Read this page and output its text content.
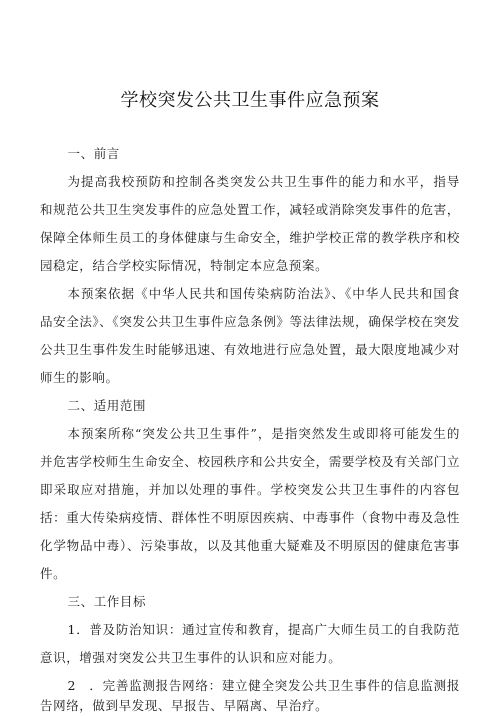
学校突发公共卫生事件应急预案
一、前言
为提高我校预防和控制各类突发公共卫生事件的能力和水平，指导和规范公共卫生突发事件的应急处置工作，减轻或消除突发事件的危害，保障全体师生员工的身体健康与生命安全，维护学校正常的教学秩序和校园稳定，结合学校实际情况，特制定本应急预案。
本预案依据《中华人民共和国传染病防治法》、《中华人民共和国食品安全法》、《突发公共卫生事件应急条例》等法律法规，确保学校在突发公共卫生事件发生时能够迅速、有效地进行应急处置，最大限度地减少对师生的影响。
二、适用范围
本预案所称“突发公共卫生事件”，是指突然发生或即将可能发生的并危害学校师生生命安全、校园秩序和公共安全，需要学校及有关部门立即采取应对措施，并加以处理的事件。学校突发公共卫生事件的内容包括：重大传染病疫情、群体性不明原因疾病、中毒事件（食物中毒及急性化学物品中毒）、污染事故，以及其他重大疑难及不明原因的健康危害事件。
三、工作目标
1．普及防治知识：通过宣传和教育，提高广大师生员工的自我防范意识，增强对突发公共卫生事件的认识和应对能力。
2　．完善监测报告网络：建立健全突发公共卫生事件的信息监测报告网络，做到早发现、早报告、早隔离、早治疗。
